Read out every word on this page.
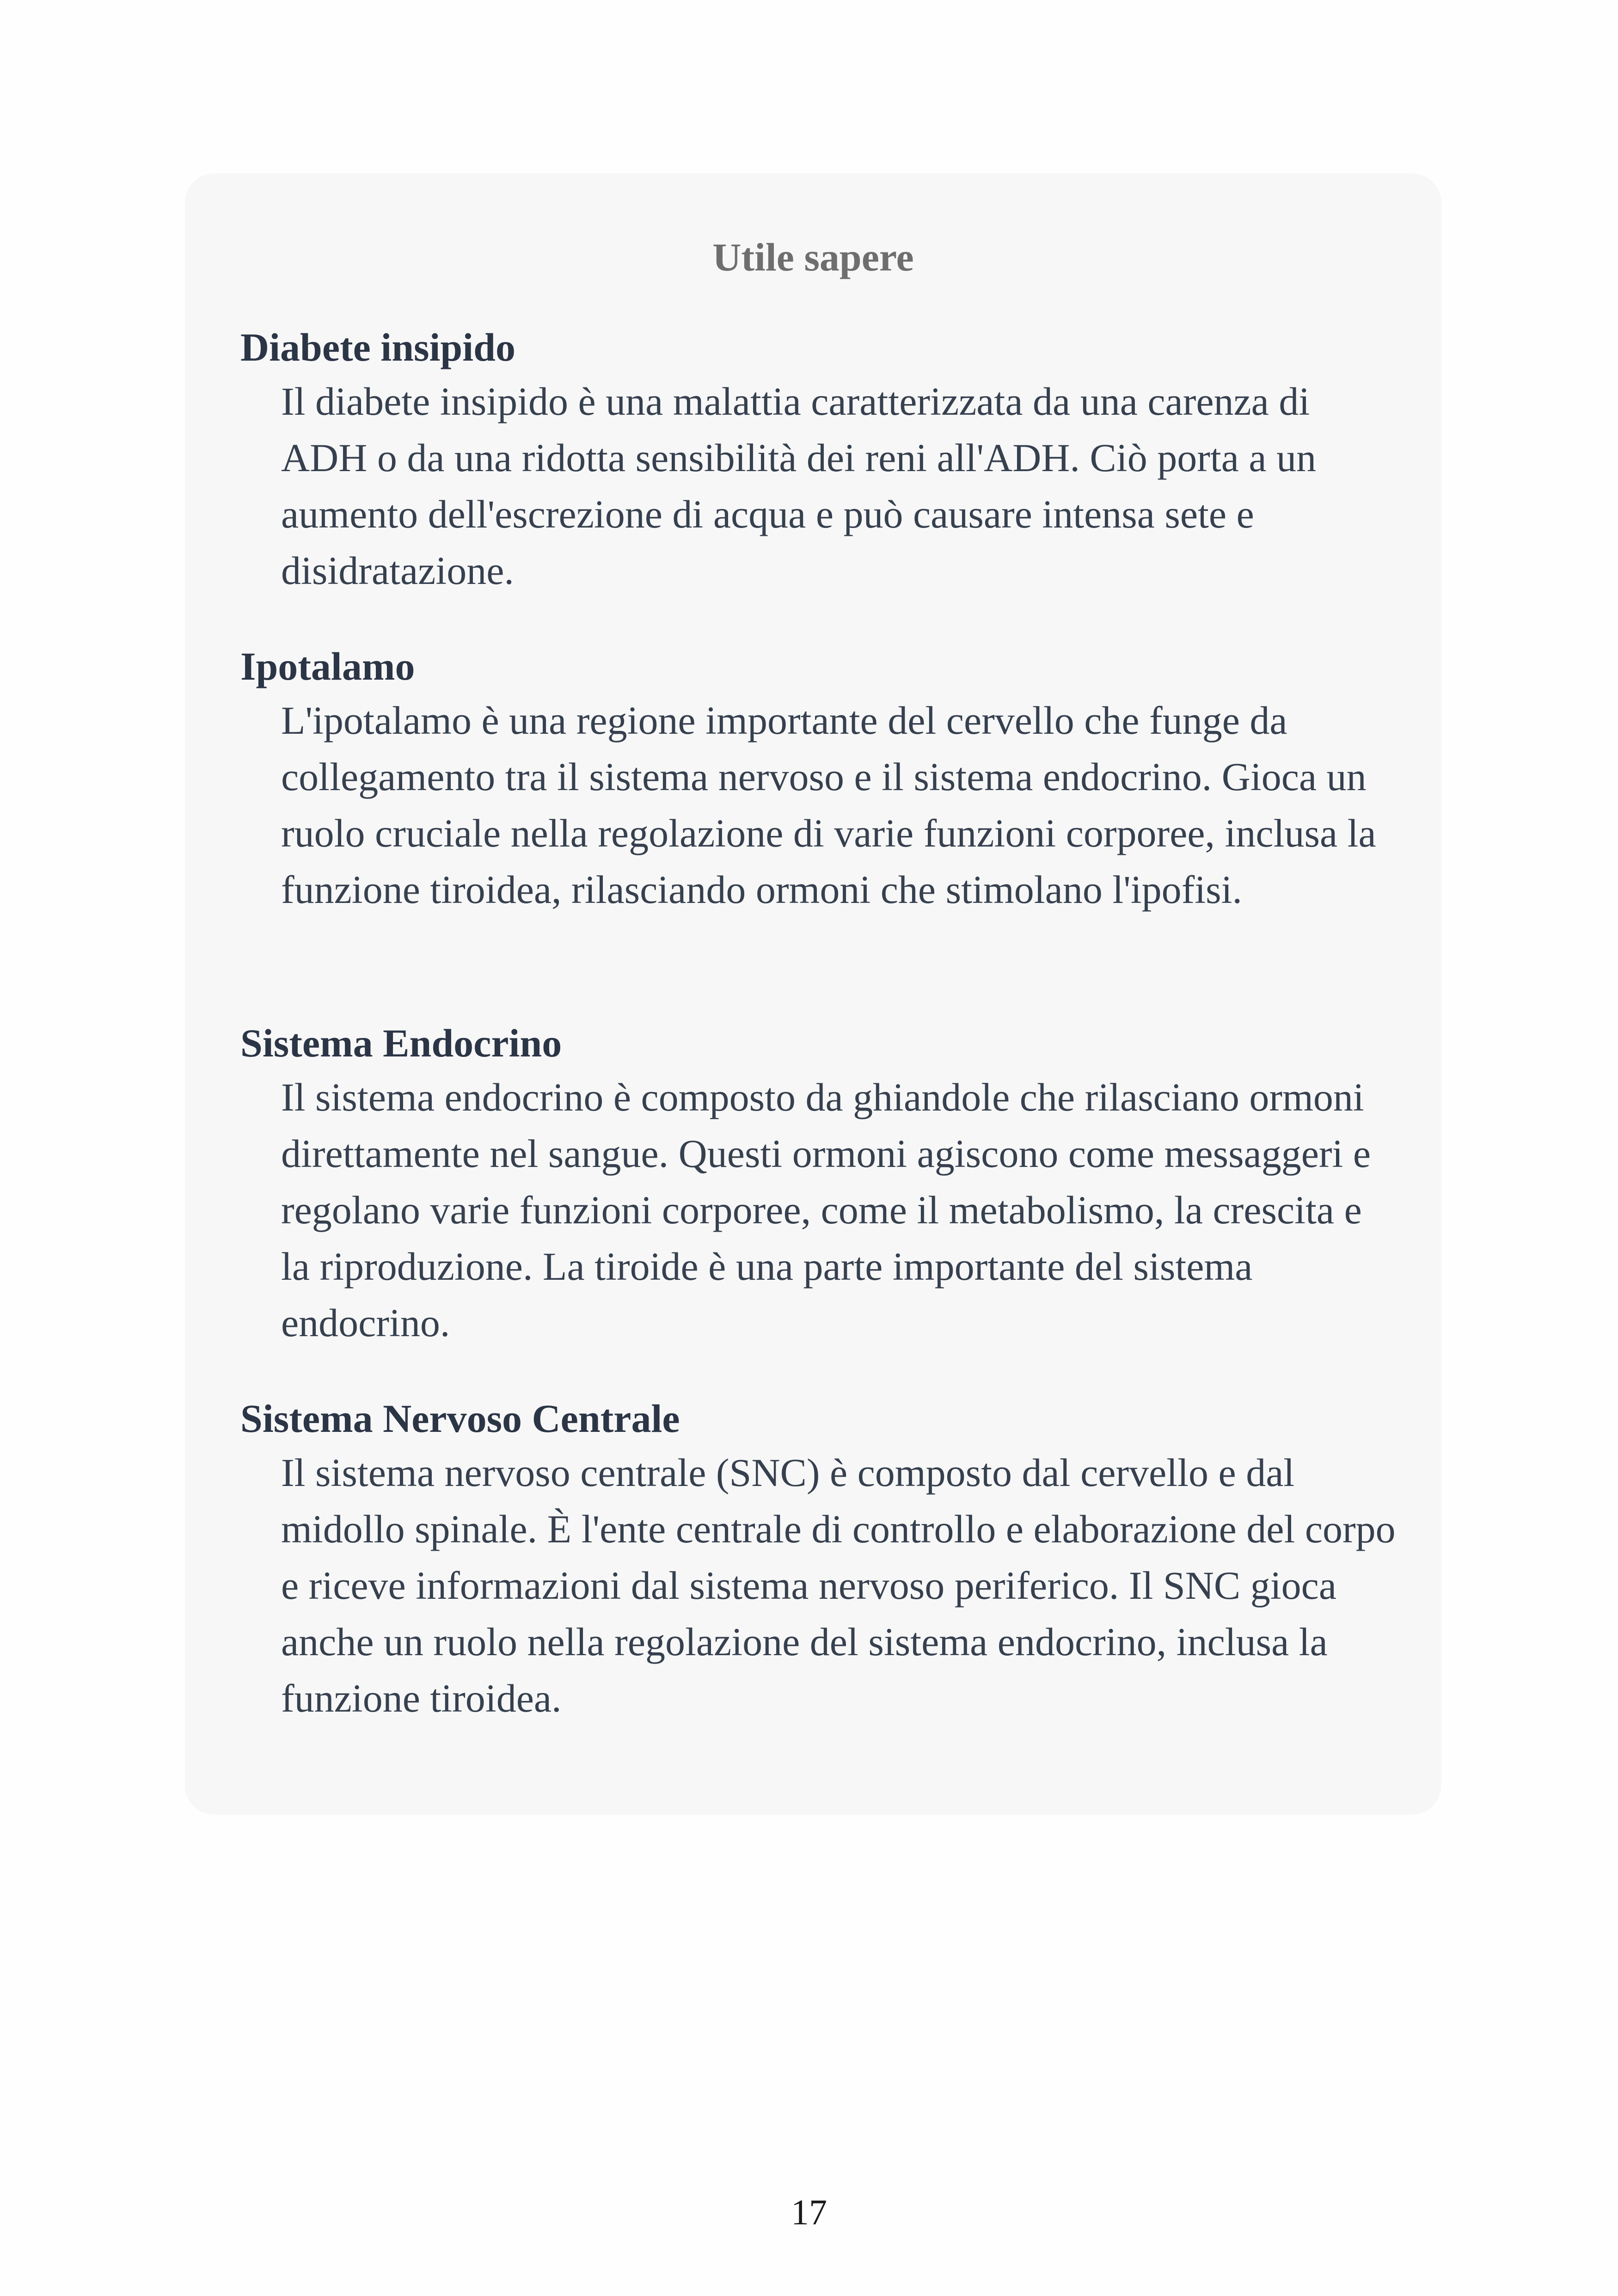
Utile sapere
Diabete insipido

Il diabete insipido è una malattia caratterizzata da una carenza di ADH o da una ridotta sensibilità dei reni all'ADH. Ciò porta a un aumento dell'escrezione di acqua e può causare intensa sete e disidratazione.

Ipotalamo

L'ipotalamo è una regione importante del cervello che funge da collegamento tra il sistema nervoso e il sistema endocrino. Gioca un ruolo cruciale nella regolazione di varie funzioni corporee, inclusa la funzione tiroidea, rilasciando ormoni che stimolano l'ipofisi.

Sistema Endocrino

Il sistema endocrino è composto da ghiandole che rilasciano ormoni direttamente nel sangue. Questi ormoni agiscono come messaggeri e regolano varie funzioni corporee, come il metabolismo, la crescita e la riproduzione. La tiroide è una parte importante del sistema endocrino.

Sistema Nervoso Centrale

Il sistema nervoso centrale (SNC) è composto dal cervello e dal midollo spinale. È l'ente centrale di controllo e elaborazione del corpo e riceve informazioni dal sistema nervoso periferico. Il SNC gioca anche un ruolo nella regolazione del sistema endocrino, inclusa la funzione tiroidea.

17
